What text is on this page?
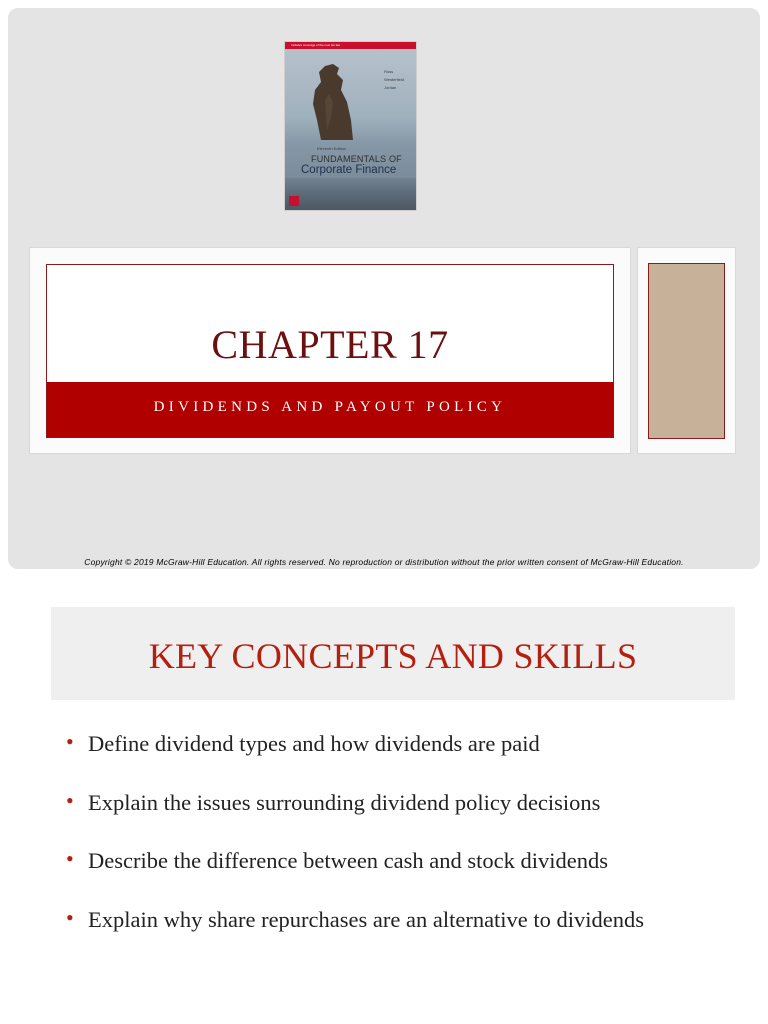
Includes coverage of the new tax law
Ross
Westerfield
Jordan
Eleventh Edition
FUNDAMENTALS OF
Corporate Finance
CHAPTER 17
DIVIDENDS AND PAYOUT POLICY
Copyright © 2019 McGraw-Hill Education. All rights reserved. No reproduction or distribution without the prior written consent of McGraw-Hill Education.
KEY CONCEPTS AND SKILLS
• Define dividend types and how dividends are paid
• Explain the issues surrounding dividend policy decisions
• Describe the difference between cash and stock dividends
• Explain why share repurchases are an alternative to dividends
